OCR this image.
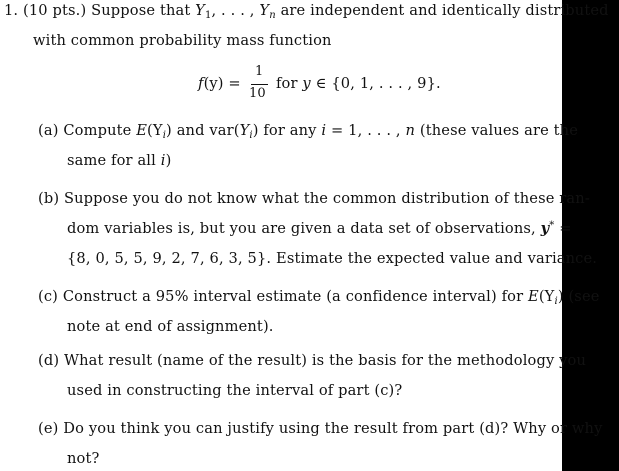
1. (10 pts.) Suppose that $Y_1$, . . . , $Y_n$ are independent and identically distributed
with common probability mass function
f(y) =
1
10
for y ∈ {0, 1, . . . , 9}.
(a) Compute $E(Y_i)$ and $var(Y_i)$ for any i = 1, . . . , n (these values are the
same for all i)
(b) Suppose you do not know what the common distribution of these ran-
dom variables is, but you are given a data set of observations, y* =
{8, 0, 5, 5, 9, 2, 7, 6, 3, 5}. Estimate the expected value and variance.
(c) Construct a 95% interval estimate (a confidence interval) for $E(Y_i)$ (see
note at end of assignment).
(d) What result (name of the result) is the basis for the methodology you
used in constructing the interval of part (c)?
(e) Do you think you can justify using the result from part (d)? Why or why
not?
